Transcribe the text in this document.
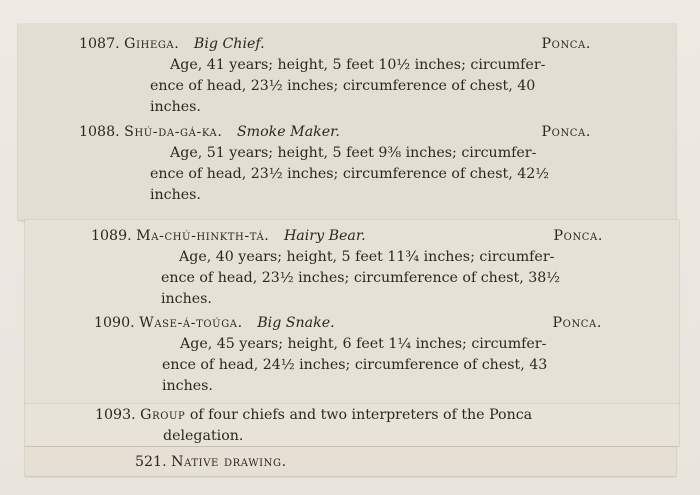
1087. Gihega. Big Chief.	Ponca.
Age, 41 years; height, 5 feet 10½ inches; circumfer-
ence of head, 23½ inches; circumference of chest, 40
inches.
1088. Shú-da-gá-ka. Smoke Maker.	Ponca.
Age, 51 years; height, 5 feet 9⅜ inches; circumfer-
ence of head, 23½ inches; circumference of chest, 42½
inches.
1089. Ma-chú-hinkth-tá. Hairy Bear.	Ponca.
Age, 40 years; height, 5 feet 11¾ inches; circumfer-
ence of head, 23½ inches; circumference of chest, 38½
inches.
1090. Wase-á-toúga. Big Snake.	Ponca.
Age, 45 years; height, 6 feet 1¼ inches; circumfer-
ence of head, 24½ inches; circumference of chest, 43
inches.
1093. Group of four chiefs and two interpreters of the Ponca
delegation.
521. Native drawing.
